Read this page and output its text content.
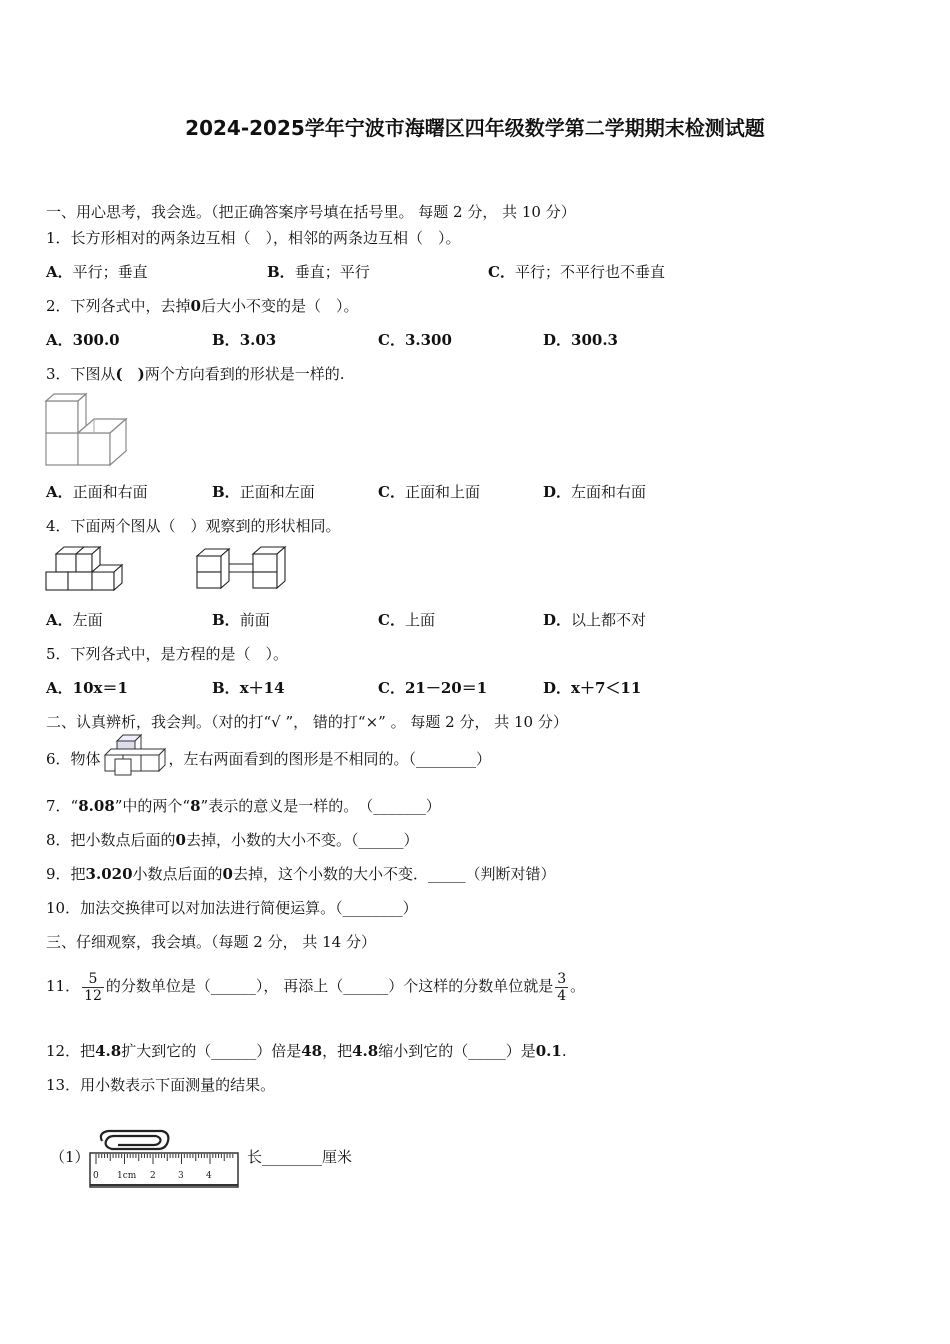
2024-2025学年宁波市海曙区四年级数学第二学期期末检测试题
一、用心思考，我会选。（把正确答案序号填在括号里。 每题 2 分， 共 10 分）
1．长方形相对的两条边互相（　），相邻的两条边互相（　）。
A．平行；垂直	B．垂直；平行	C．平行；不平行也不垂直
2．下列各式中，去掉0后大小不变的是（　）。
A．300.0	B．3.03	C．3.300	D．300.3
3．下图从(　)两个方向看到的形状是一样的.
A．正面和右面	B．正面和左面	C．正面和上面	D．左面和右面
4．下面两个图从（　）观察到的形状相同。
A．左面	B．前面	C．上面	D．以上都不对
5．下列各式中，是方程的是（　）。
A．10x＝1	B．x＋14	C．21－20＝1	D．x＋7＜11
二、认真辨析，我会判。（对的打“√ ”， 错的打“×” 。 每题 2 分， 共 10 分）
6．物体	，左右两面看到的图形是不相同的。（________）
7．“8.08”中的两个“8”表示的意义是一样的。　（_______）
8．把小数点后面的0去掉，小数的大小不变。（______）
9．把3.020小数点后面的0去掉，这个小数的大小不变．_____（判断对错）
10．加法交换律可以对加法进行简便运算。（________）
三、仔细观察，我会填。（每题 2 分， 共 14 分）
11． $\frac{5}{12}$ 的分数单位是（______）， 再添上（______）个这样的分数单位就是 $\frac{3}{4}$ 。
12．把4.8扩大到它的（______）倍是48，把4.8缩小到它的（_____）是0.1.
13．用小数表示下面测量的结果。
（1）
0 1cm 2 3 4
长________厘米
